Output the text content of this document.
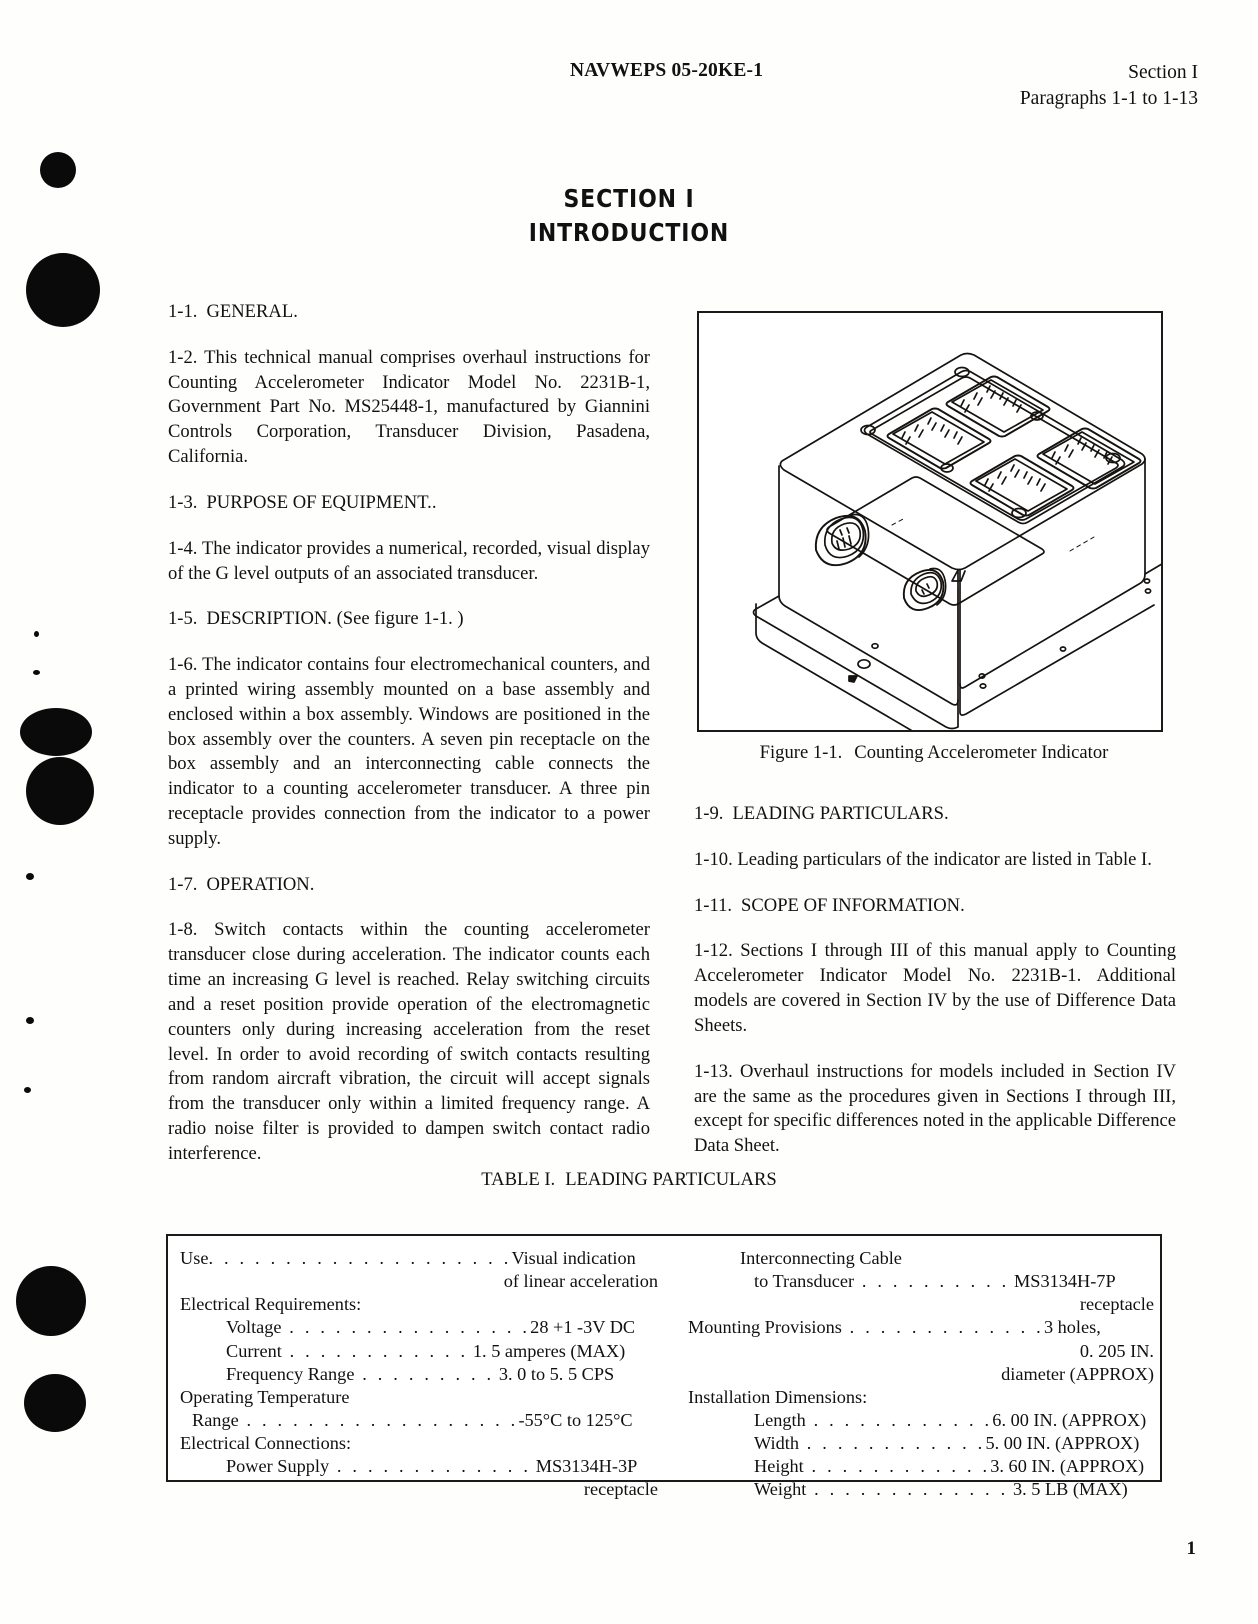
NAVWEPS 05-20KE-1	Section I
Paragraphs 1-1 to 1-13
SECTION I
INTRODUCTION

1-1. GENERAL.

1-2. This technical manual comprises overhaul instructions for Counting Accelerometer Indicator Model No. 2231B-1, Government Part No. MS25448-1, manufactured by Giannini Controls Corporation, Transducer Division, Pasadena, California.

1-3. PURPOSE OF EQUIPMENT..

1-4. The indicator provides a numerical, recorded, visual display of the G level outputs of an associated transducer.

1-5. DESCRIPTION. (See figure 1-1. )

1-6. The indicator contains four electromechanical counters, and a printed wiring assembly mounted on a base assembly and enclosed within a box assembly. Windows are positioned in the box assembly over the counters. A seven pin receptacle on the box assembly and an interconnecting cable connects the indicator to a counting accelerometer transducer. A three pin receptacle provides connection from the indicator to a power supply.

1-7. OPERATION.

1-8. Switch contacts within the counting accelerometer transducer close during acceleration. The indicator counts each time an increasing G level is reached. Relay switching circuits and a reset position provide operation of the electromagnetic counters only during increasing acceleration from the reset level. In order to avoid recording of switch contacts resulting from random aircraft vibration, the circuit will accept signals from the transducer only within a limited frequency range. A radio noise filter is provided to dampen switch contact radio interference.

Figure 1-1. Counting Accelerometer Indicator

1-9. LEADING PARTICULARS.

1-10. Leading particulars of the indicator are listed in Table I.

1-11. SCOPE OF INFORMATION.

1-12. Sections I through III of this manual apply to Counting Accelerometer Indicator Model No. 2231B-1. Additional models are covered in Section IV by the use of Difference Data Sheets.

1-13. Overhaul instructions for models included in Section IV are the same as the procedures given in Sections I through III, except for specific differences noted in the applicable Difference Data Sheet.

TABLE I. LEADING PARTICULARS
Use. . . . . . . . . . . . . . . . . . . .Visual indication
of linear acceleration
Electrical Requirements:
Voltage . . . . . . . . . . . . . . . .28 +1 -3V DC
Current . . . . . . . . . . . . 1. 5 amperes (MAX)
Frequency Range . . . . . . . . . 3. 0 to 5. 5 CPS
Operating Temperature
Range . . . . . . . . . . . . . . . . . .-55°C to 125°C
Electrical Connections:
Power Supply . . . . . . . . . . . . . MS3134H-3P
receptacle
Interconnecting Cable
to Transducer . . . . . . . . . . MS3134H-7P
receptacle
Mounting Provisions . . . . . . . . . . . . .3 holes,
0. 205 IN.
diameter (APPROX)
Installation Dimensions:
Length . . . . . . . . . . . .6. 00 IN. (APPROX)
Width . . . . . . . . . . . .5. 00 IN. (APPROX)
Height . . . . . . . . . . . .3. 60 IN. (APPROX)
Weight . . . . . . . . . . . . . 3. 5 LB (MAX)
1
